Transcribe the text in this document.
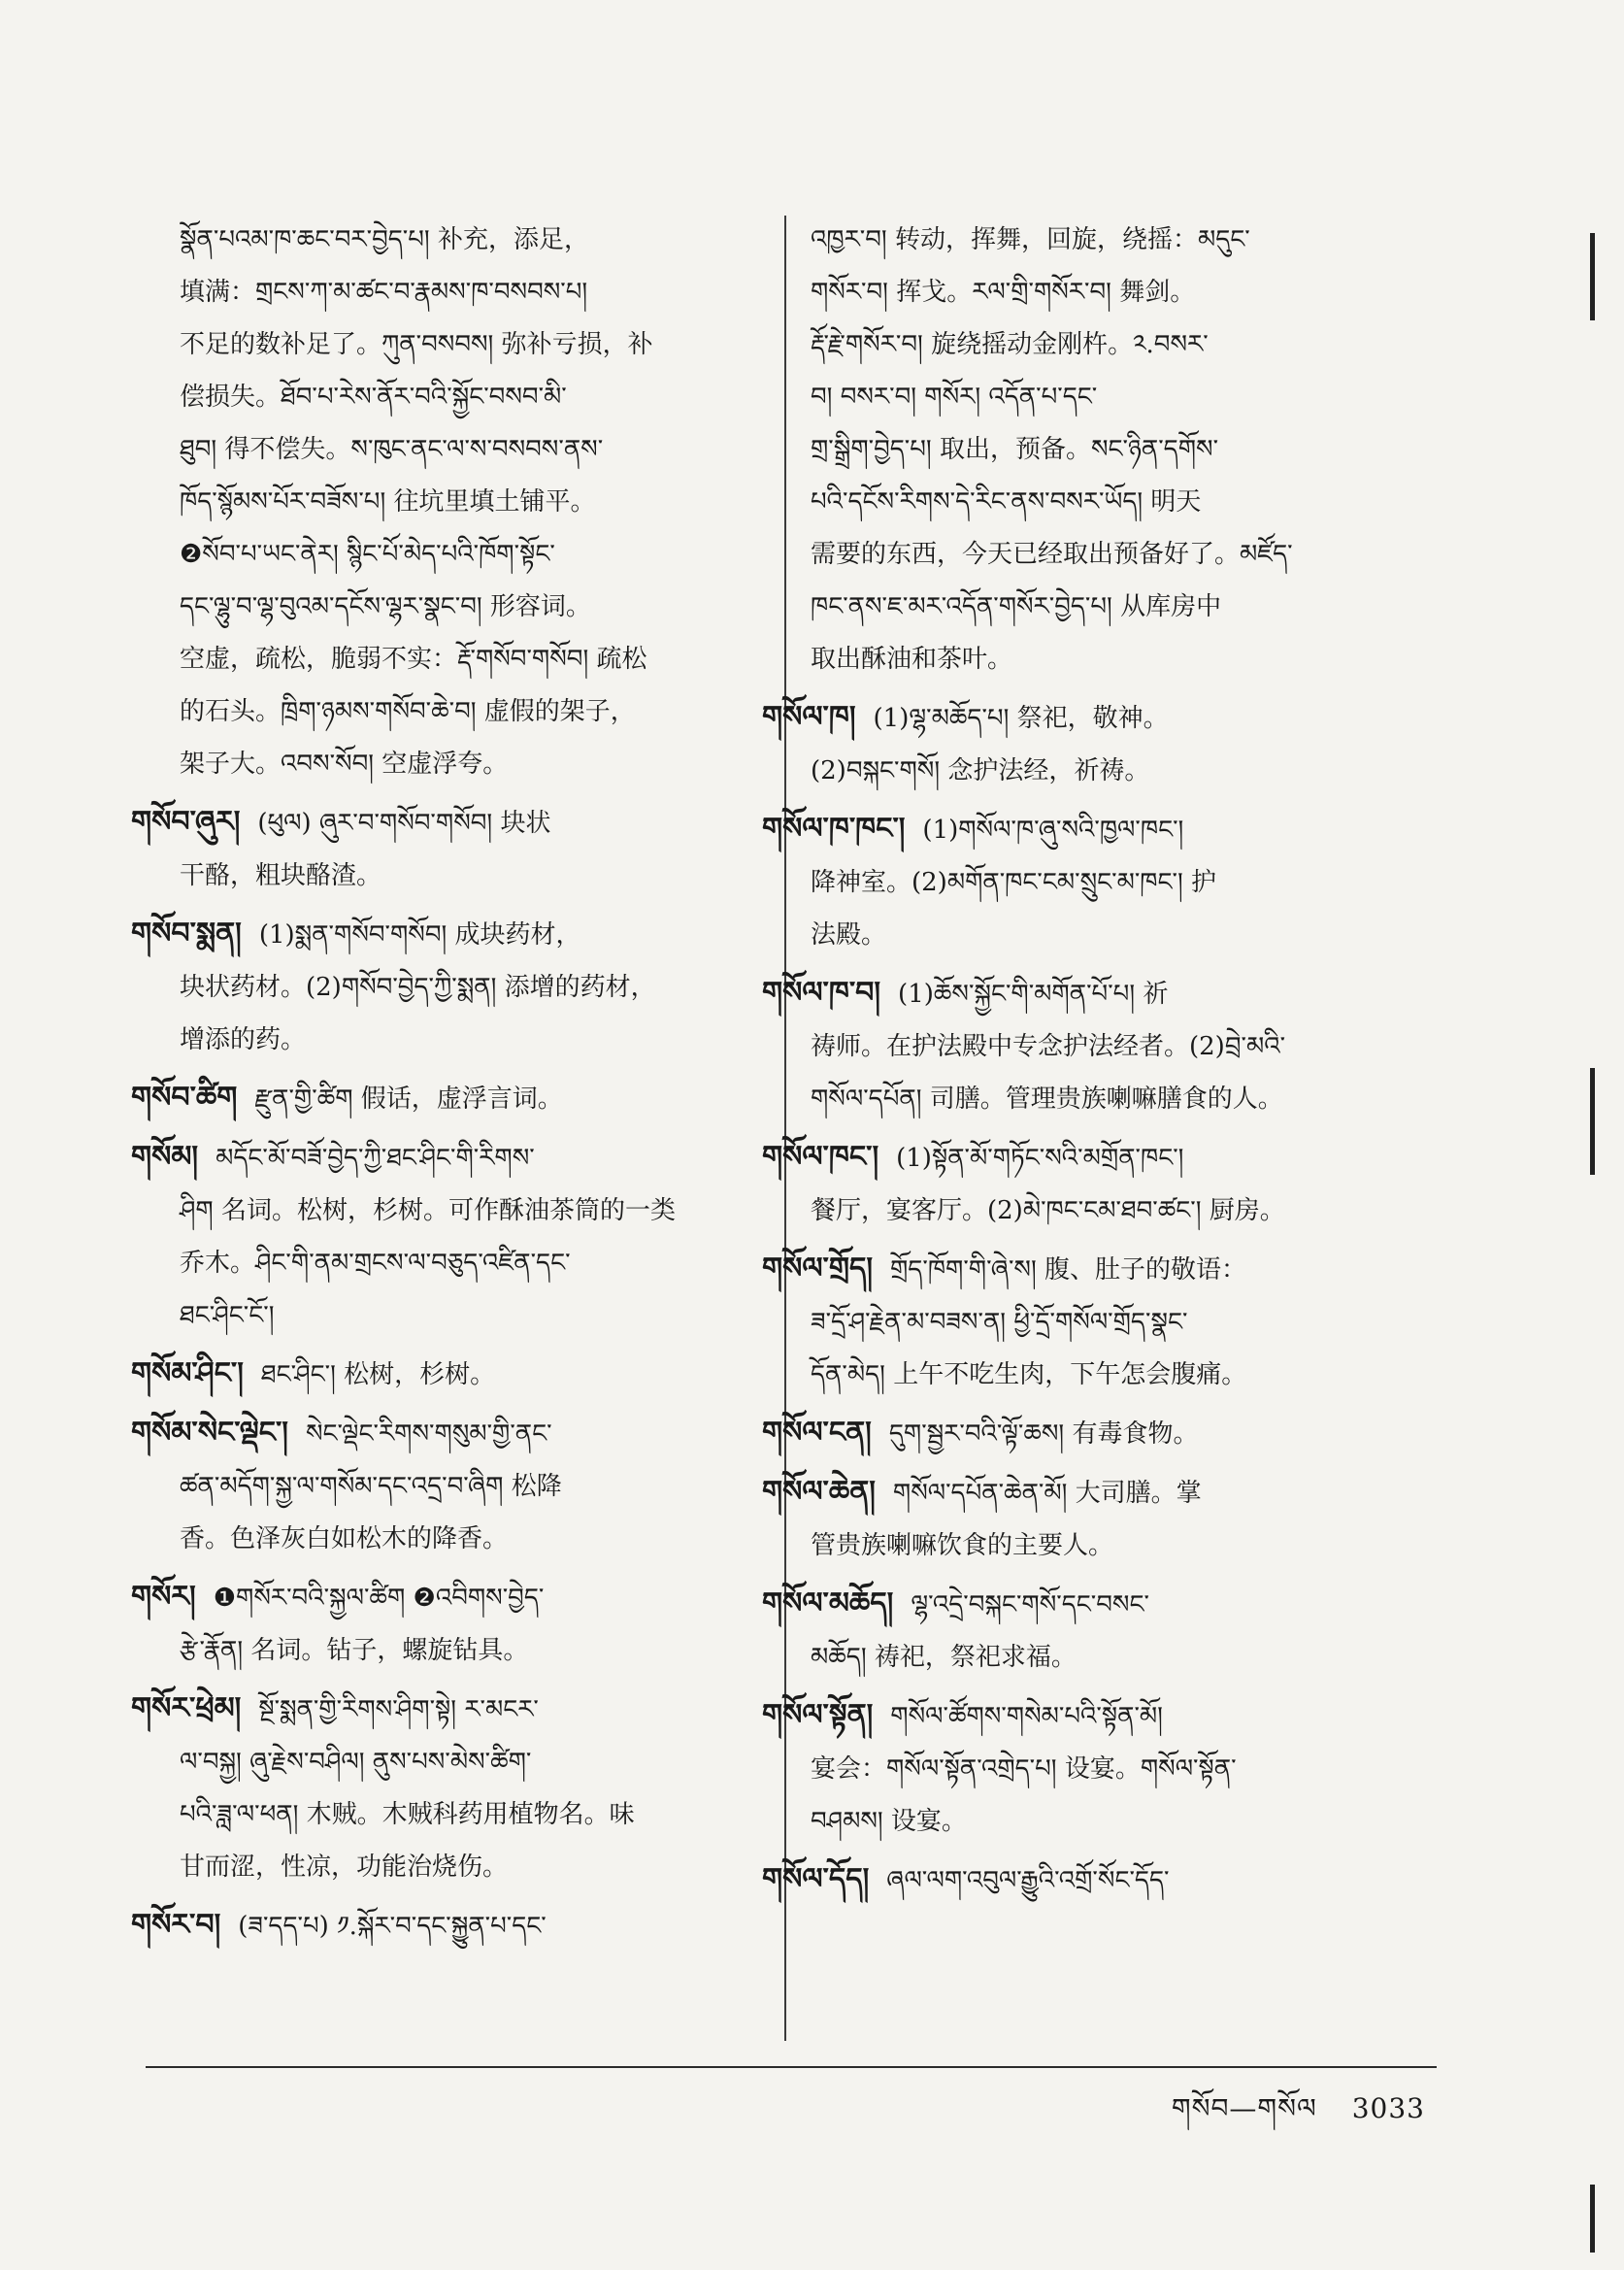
སྣོན་པའམ་ཁ་ཆང་བར་བྱེད་པ། 补充，添足，
填满：གྲངས་ཀ་མ་ཚང་བ་རྣམས་ཁ་བསབས་པ།
不足的数补足了。ཀུན་བསབས། 弥补亏损，补
偿损失。ཐོབ་པ་རེས་ནོར་བའི་སྐྱོང་བསབ་མི་
ཐུབ། 得不偿失。ས་ཁུང་ནང་ལ་ས་བསབས་ནས་
ཁོད་སྙོམས་པོར་བཟོས་པ། 往坑里填土铺平。
❷སོབ་པ་ཡང་ནེར། སྙིང་པོ་མེད་པའི་ཁོག་སྟོང་
དང་ལྷུ་བ་ལྷ་བུའམ་དངོས་ལྷར་སྣང་བ། 形容词。
空虚，疏松，脆弱不实：རྡོ་གསོབ་གསོབ། 疏松
的石头。ཁྲིག་ཉམས་གསོབ་ཆེ་བ། 虚假的架子，
架子大。འབས་སོབ། 空虚浮夸。
གསོབ་ཞུར། (ཕུལ) ཞུར་བ་གསོབ་གསོབ། 块状
干酪，粗块酪渣。
གསོབ་སྨན། (1)སྨན་གསོབ་གསོབ། 成块药材，
块状药材。(2)གསོབ་བྱེད་ཀྱི་སྨན། 添增的药材，
增添的药。
གསོབ་ཚིག རྫུན་གྱི་ཚིག 假话，虚浮言词。
གསོམ། མདོང་མོ་བཟོ་བྱེད་ཀྱི་ཐང་ཤིང་གི་རིགས་
ཤིག 名词。松树，杉树。可作酥油茶筒的一类
乔木。ཤིང་གི་ནམ་གྲངས་ལ་བཅུད་འཛིན་དང་
ཐང་ཤིང་ངོ་།
གསོམ་ཤིང་། ཐང་ཤིང་། 松树，杉树。
གསོམ་སེང་ལྡེང་། སེང་ལྡེང་རིགས་གསུམ་གྱི་ནང་
ཚན་མདོག་སྐྱ་ལ་གསོམ་དང་འདྲ་བ་ཞིག 松降
香。色泽灰白如松木的降香。
གསོར། ❶གསོར་བའི་སྐྱལ་ཚིག ❷འབིགས་བྱེད་
རྩེ་རྣོན། 名词。钻子，螺旋钻具。
གསོར་ཕྲེམ། སྔོ་སྨན་གྱི་རིགས་ཤིག་སྟེ། ར་མངར་
ལ་བསྐྱ། ཞུ་རྗེས་བཤིལ། ནུས་པས་མེས་ཚིག་
པའི་ཟླ་ལ་ཕན། 木贼。木贼科药用植物名。味
甘而涩，性凉，功能治烧伤。
གསོར་བ། (ཟ་དད་པ) ༡.སྐོར་བ་དང་སྐྱུན་པ་དང་
འཁྱར་བ། 转动，挥舞，回旋，绕摇：མདུང་
གསོར་བ། 挥戈。རལ་གྲི་གསོར་བ། 舞剑。
རྡོ་རྗེ་གསོར་བ། 旋绕摇动金刚杵。༢.བསར་
བ། བསར་བ། གསོར། འདོན་པ་དང་
གྲ་སྒྲིག་བྱེད་པ། 取出，预备。སང་ཉིན་དགོས་
པའི་དངོས་རིགས་དེ་རིང་ནས་བསར་ཡོད། 明天
需要的东西，今天已经取出预备好了。མཛོད་
ཁང་ནས་ཇ་མར་འདོན་གསོར་བྱེད་པ། 从库房中
取出酥油和茶叶。
གསོལ་ཁ། (1)ལྷ་མཆོད་པ། 祭祀，敬神。
(2)བསྐང་གསོ། 念护法经，祈祷。
གསོལ་ཁ་ཁང་། (1)གསོལ་ཁ་ཞུ་སའི་ཁྱལ་ཁང་།
降神室。(2)མགོན་ཁང་ངམ་སྲུང་མ་ཁང་། 护
法殿。
གསོལ་ཁ་བ། (1)ཆོས་སྐྱོང་གི་མགོན་པོ་པ། 祈
祷师。在护法殿中专念护法经者。(2)བྲེ་མའི་
གསོལ་དཔོན། 司膳。管理贵族喇嘛膳食的人。
གསོལ་ཁང་། (1)སྟོན་མོ་གཏོང་སའི་མགྲོན་ཁང་།
餐厅，宴客厅。(2)མེ་ཁང་ངམ་ཐབ་ཚང་། 厨房。
གསོལ་གྲོད། གྲོད་ཁོག་གི་ཞེ་ས། 腹、肚子的敬语：
ཟ་དྲོ་ཤ་རྗེན་མ་བཟས་ན། ཕྱི་དྲོ་གསོལ་གྲོད་སྣང་
དོན་མེད། 上午不吃生肉，下午怎会腹痛。
གསོལ་ངན། དུག་སྦྱར་བའི་ལྟོ་ཆས། 有毒食物。
གསོལ་ཆེན། གསོལ་དཔོན་ཆེན་མོ། 大司膳。掌
管贵族喇嘛饮食的主要人。
གསོལ་མཆོད། ལྷ་འདྲེ་བསྐང་གསོ་དང་བསང་
མཆོད། 祷祀，祭祀求福。
གསོལ་སྟོན། གསོལ་ཚོགས་གསེམ་པའི་སྟོན་མོ།
宴会：གསོལ་སྟོན་འགྲེད་པ། 设宴。གསོལ་སྟོན་
བཤམས། 设宴。
གསོལ་དོད། ཞལ་ལག་འབུལ་རྒྱུའི་འགྲོ་སོང་དོད་
གསོབ—གསོལ 3033
